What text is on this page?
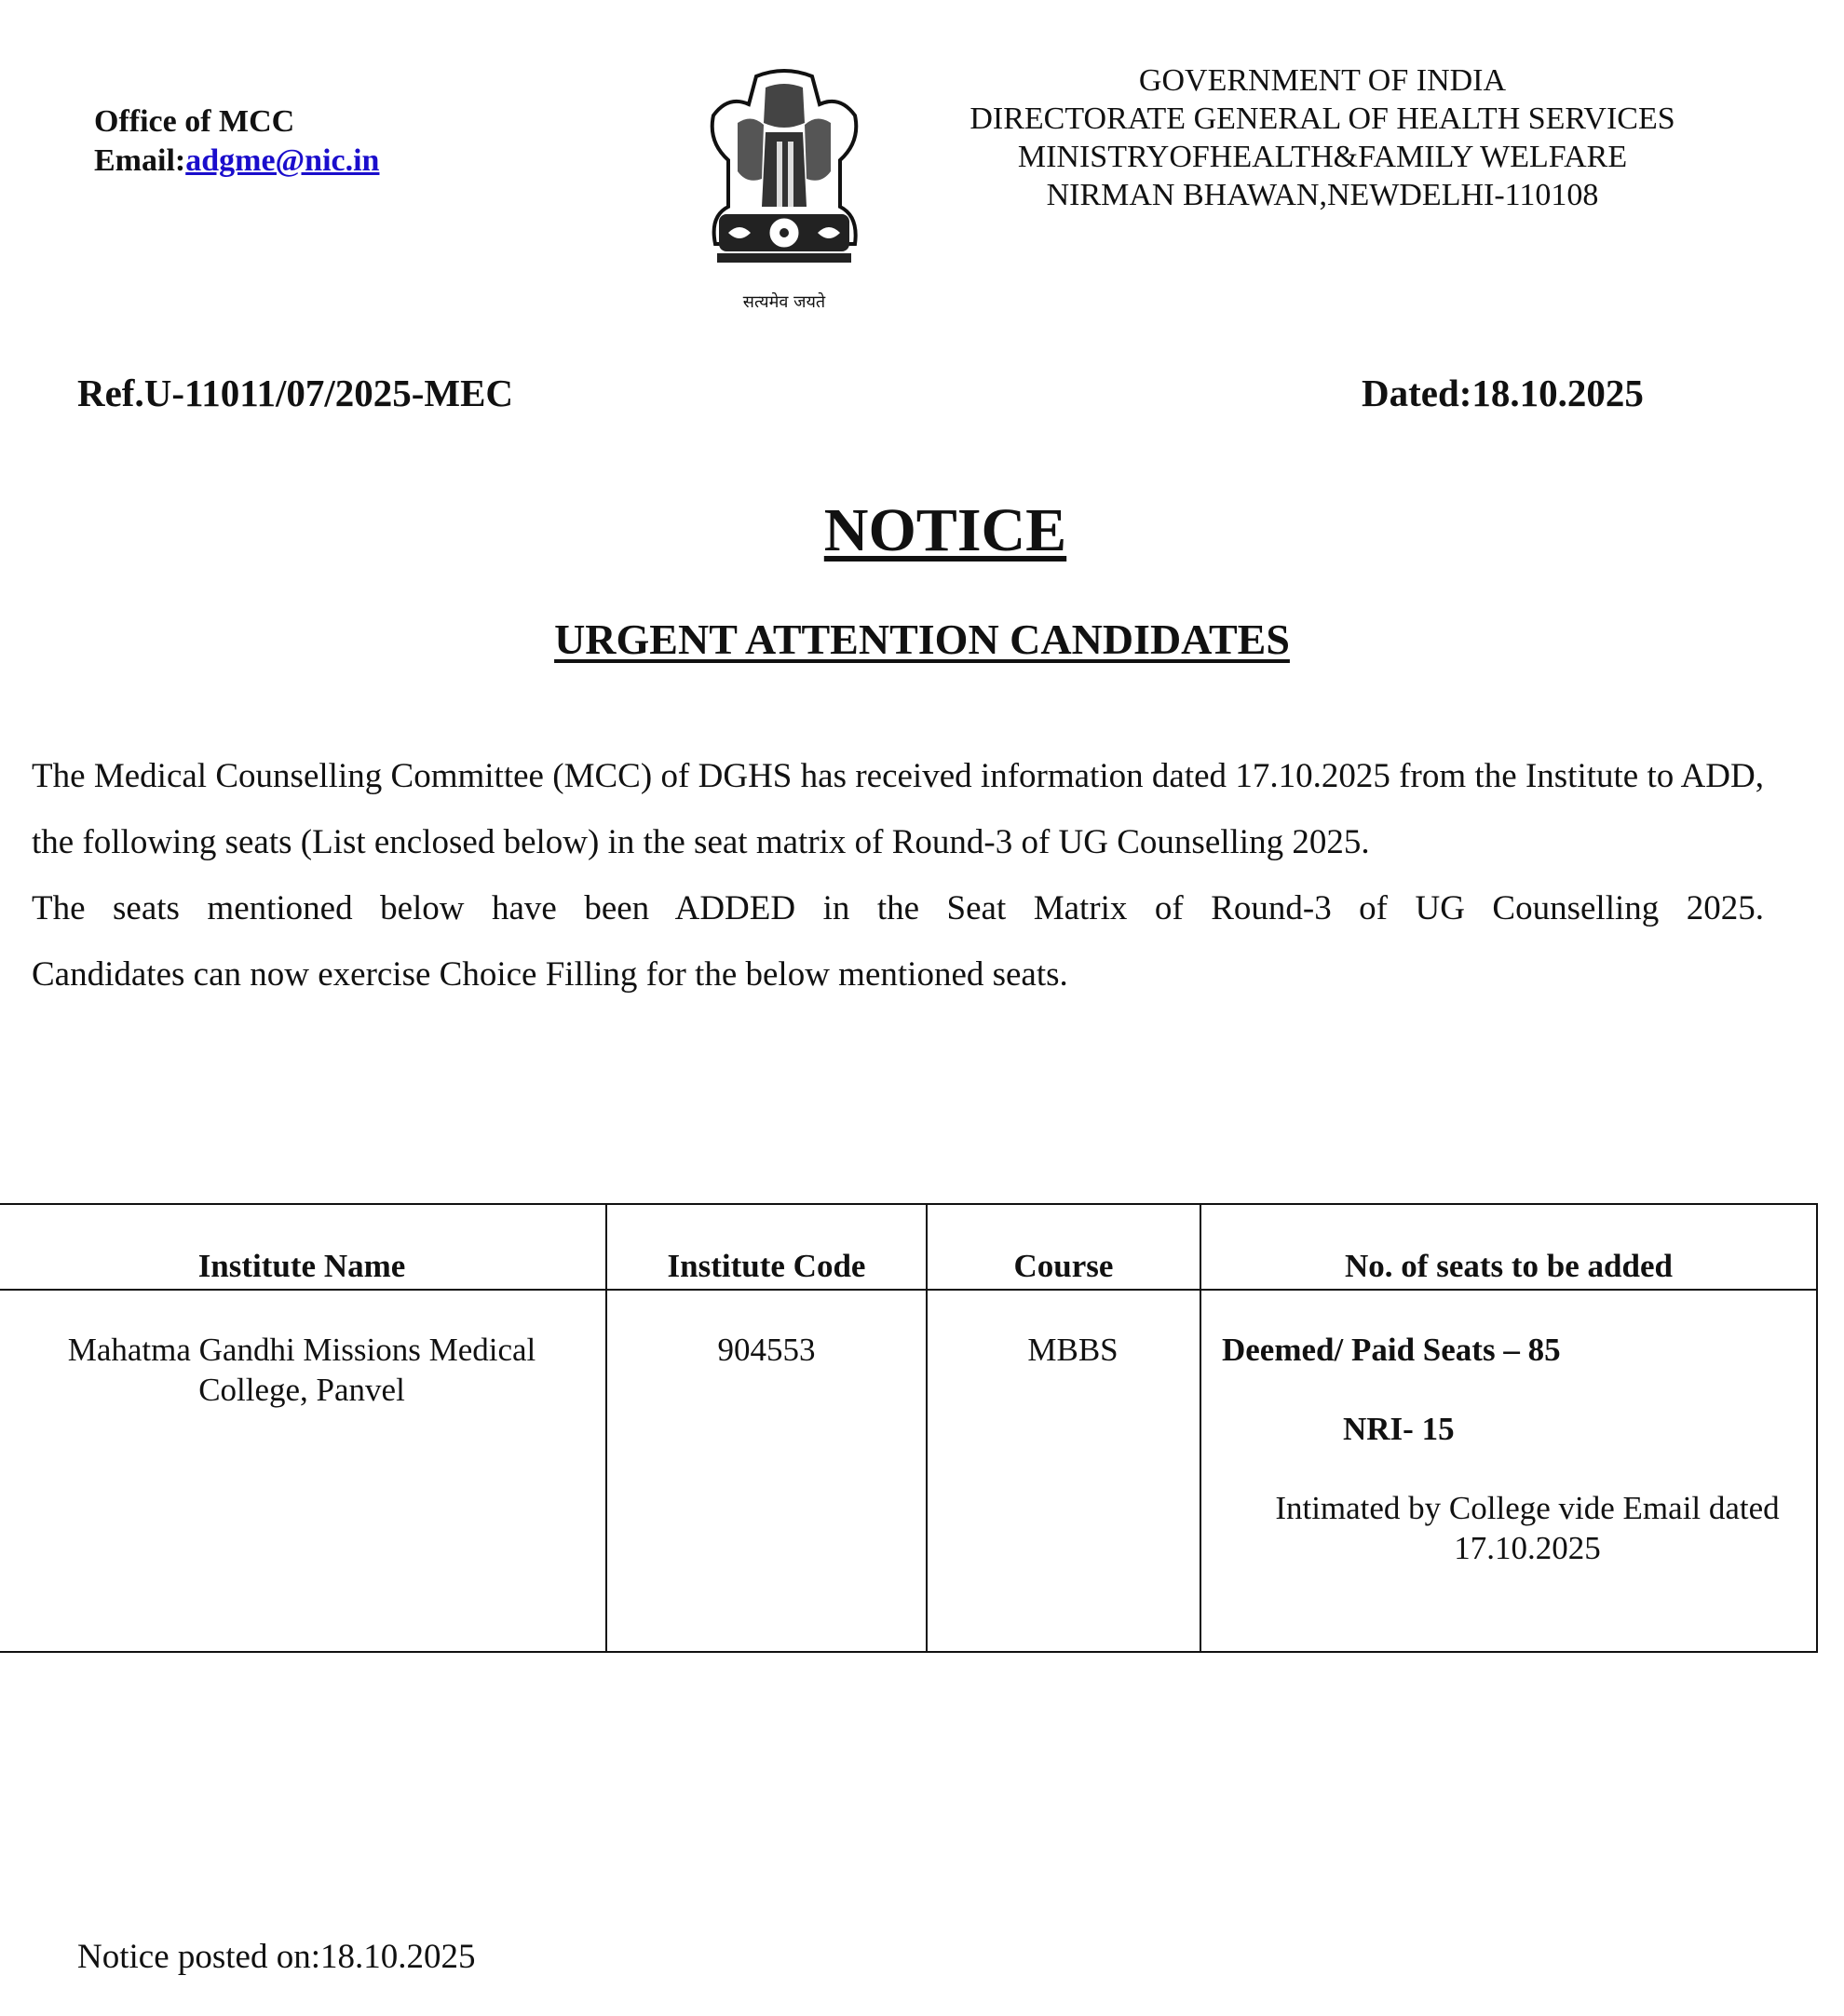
Office of MCC
Email:adgme@nic.in
सत्यमेव जयते
GOVERNMENT OF INDIA
DIRECTORATE GENERAL OF HEALTH SERVICES
MINISTRYOFHEALTH&FAMILY WELFARE
NIRMAN BHAWAN,NEWDELHI-110108
Ref.U-11011/07/2025-MEC	Dated:18.10.2025
NOTICE
URGENT ATTENTION CANDIDATES

The Medical Counselling Committee (MCC) of DGHS has received information dated 17.10.2025 from the Institute to ADD, the following seats (List enclosed below) in the seat matrix of Round-3 of UG Counselling 2025.

The seats mentioned below have been ADDED in the Seat Matrix of Round-3 of UG Counselling 2025.

Candidates can now exercise Choice Filling for the below mentioned seats.

Institute Name	Institute Code	Course	No. of seats to be added
Mahatma Gandhi Missions Medical College, Panvel	904553	MBBS	Deemed/ Paid Seats – 85
NRI- 15
Intimated by College vide Email dated 17.10.2025
Notice posted on:18.10.2025
